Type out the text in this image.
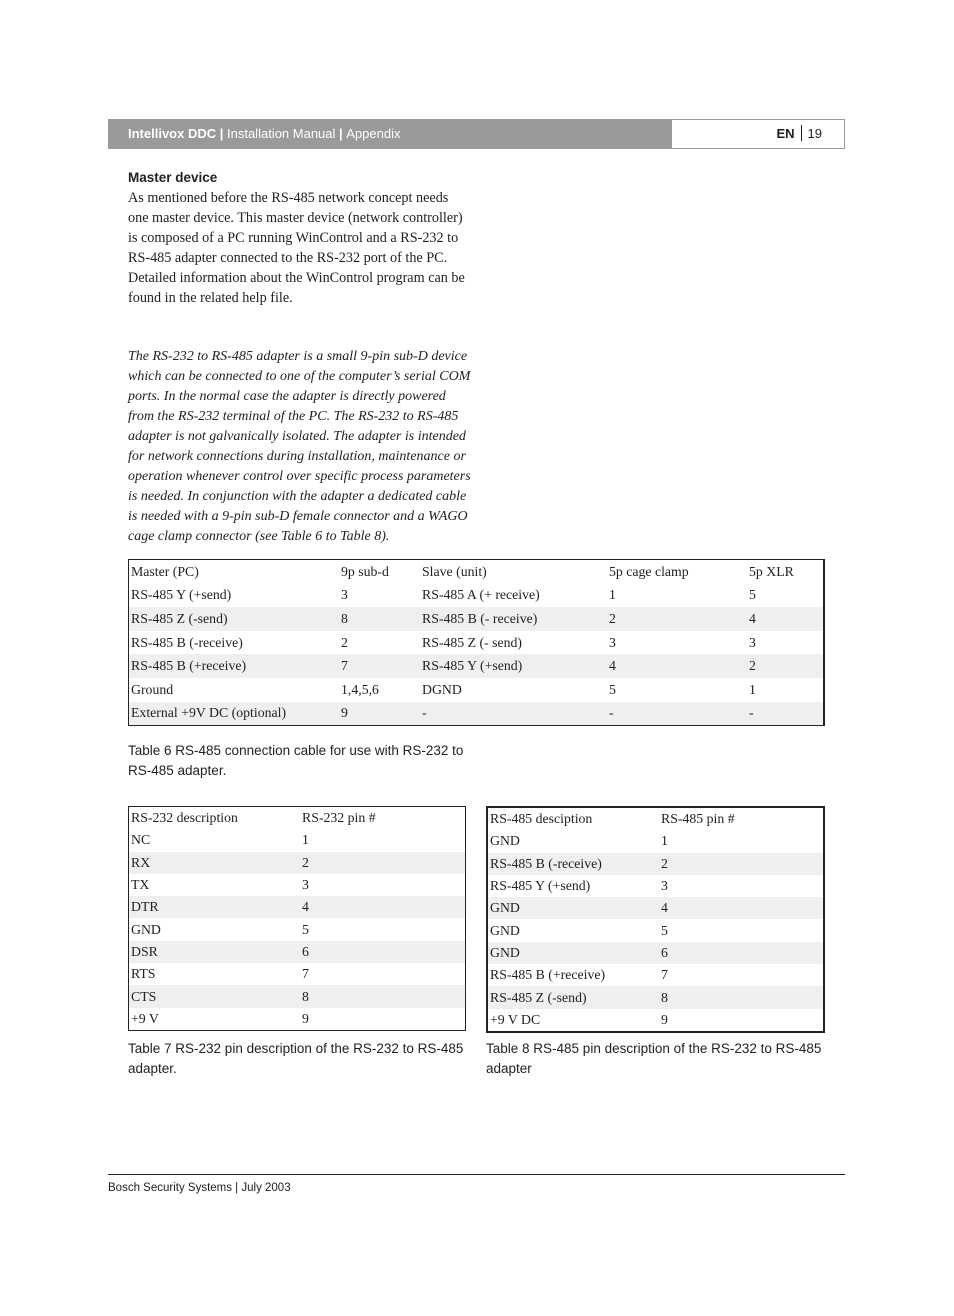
Intellivox DDC | Installation Manual | Appendix	EN 19
Master device
As mentioned before the RS-485 network concept needs one master device. This master device (network controller) is composed of a PC running WinControl and a RS-232 to RS-485 adapter connected to the RS-232 port of the PC. Detailed information about the WinControl program can be found in the related help file.
The RS-232 to RS-485 adapter is a small 9-pin sub-D device which can be connected to one of the computer’s serial COM ports. In the normal case the adapter is directly powered from the RS-232 terminal of the PC. The RS-232 to RS-485 adapter is not galvanically isolated. The adapter is intended for network connections during installation, maintenance or operation whenever control over specific process parameters is needed. In conjunction with the adapter a dedicated cable is needed with a 9-pin sub-D female connector and a WAGO cage clamp connector (see Table 6 to Table 8).
Master (PC)	9p sub-d	Slave (unit)	5p cage clamp	5p XLR
RS-485 Y (+send)	3	RS-485 A (+ receive)	1	5
RS-485 Z (-send)	8	RS-485 B (- receive)	2	4
RS-485 B (-receive)	2	RS-485 Z (- send)	3	3
RS-485 B (+receive)	7	RS-485 Y (+send)	4	2
Ground	1,4,5,6	DGND	5	1
External +9V DC (optional)	9	-	-	-
Table 6 RS-485 connection cable for use with RS-232 to RS-485 adapter.
RS-232 description	RS-232 pin #
NC	1
RX	2
TX	3
DTR	4
GND	5
DSR	6
RTS	7
CTS	8
+9 V	9
Table 7 RS-232 pin description of the RS-232 to RS-485 adapter.
RS-485 desciption	RS-485 pin #
GND	1
RS-485 B (-receive)	2
RS-485 Y (+send)	3
GND	4
GND	5
GND	6
RS-485 B (+receive)	7
RS-485 Z (-send)	8
+9 V DC	9
Table 8 RS-485 pin description of the RS-232 to RS-485 adapter
Bosch Security Systems | July 2003
